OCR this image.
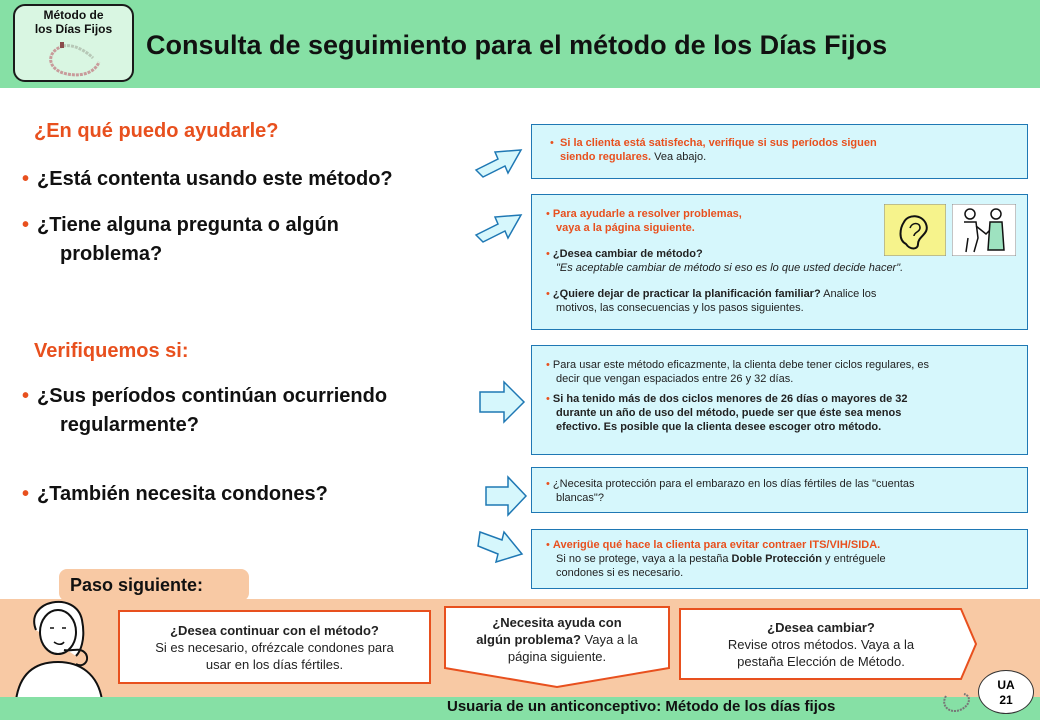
Método de
los Días Fijos
Consulta de seguimiento para el método de los Días Fijos
¿En qué puedo ayudarle?
• ¿Está contenta usando este método?
• ¿Tiene alguna pregunta o algún
problema?
Verifiquemos si:
• ¿Sus períodos continúan ocurriendo
regularmente?
• ¿También necesita condones?
• Si la clienta está satisfecha, verifique si sus períodos siguen
siendo regulares. Vea abajo.
• Para ayudarle a resolver problemas,
vaya a la página siguiente.
• ¿Desea cambiar de método?
"Es aceptable cambiar de método si eso es lo que usted decide hacer".
• ¿Quiere dejar de practicar la planificación familiar? Analice los
motivos, las consecuencias y los pasos siguientes.
• Para usar este método eficazmente, la clienta debe tener ciclos regulares, es
decir que vengan espaciados entre 26 y 32 días.
• Si ha tenido más de dos ciclos menores de 26 días o mayores de 32
durante un año de uso del método, puede ser que éste sea menos
efectivo. Es posible que la clienta desee escoger otro método.
• ¿Necesita protección para el embarazo en los días fértiles de las "cuentas
blancas"?
• Averigüe qué hace la clienta para evitar contraer ITS/VIH/SIDA.
Si no se protege, vaya a la pestaña Doble Protección y entréguele
condones si es necesario.
Paso siguiente:
¿Desea continuar con el método?
Si es necesario, ofrézcale condones para
usar en los días fértiles.
¿Necesita ayuda con
algún problema? Vaya a la
página siguiente.
¿Desea cambiar?
Revise otros métodos. Vaya a la
pestaña Elección de Método.
Usuaria de un anticonceptivo: Método de los días fijos
UA
21
